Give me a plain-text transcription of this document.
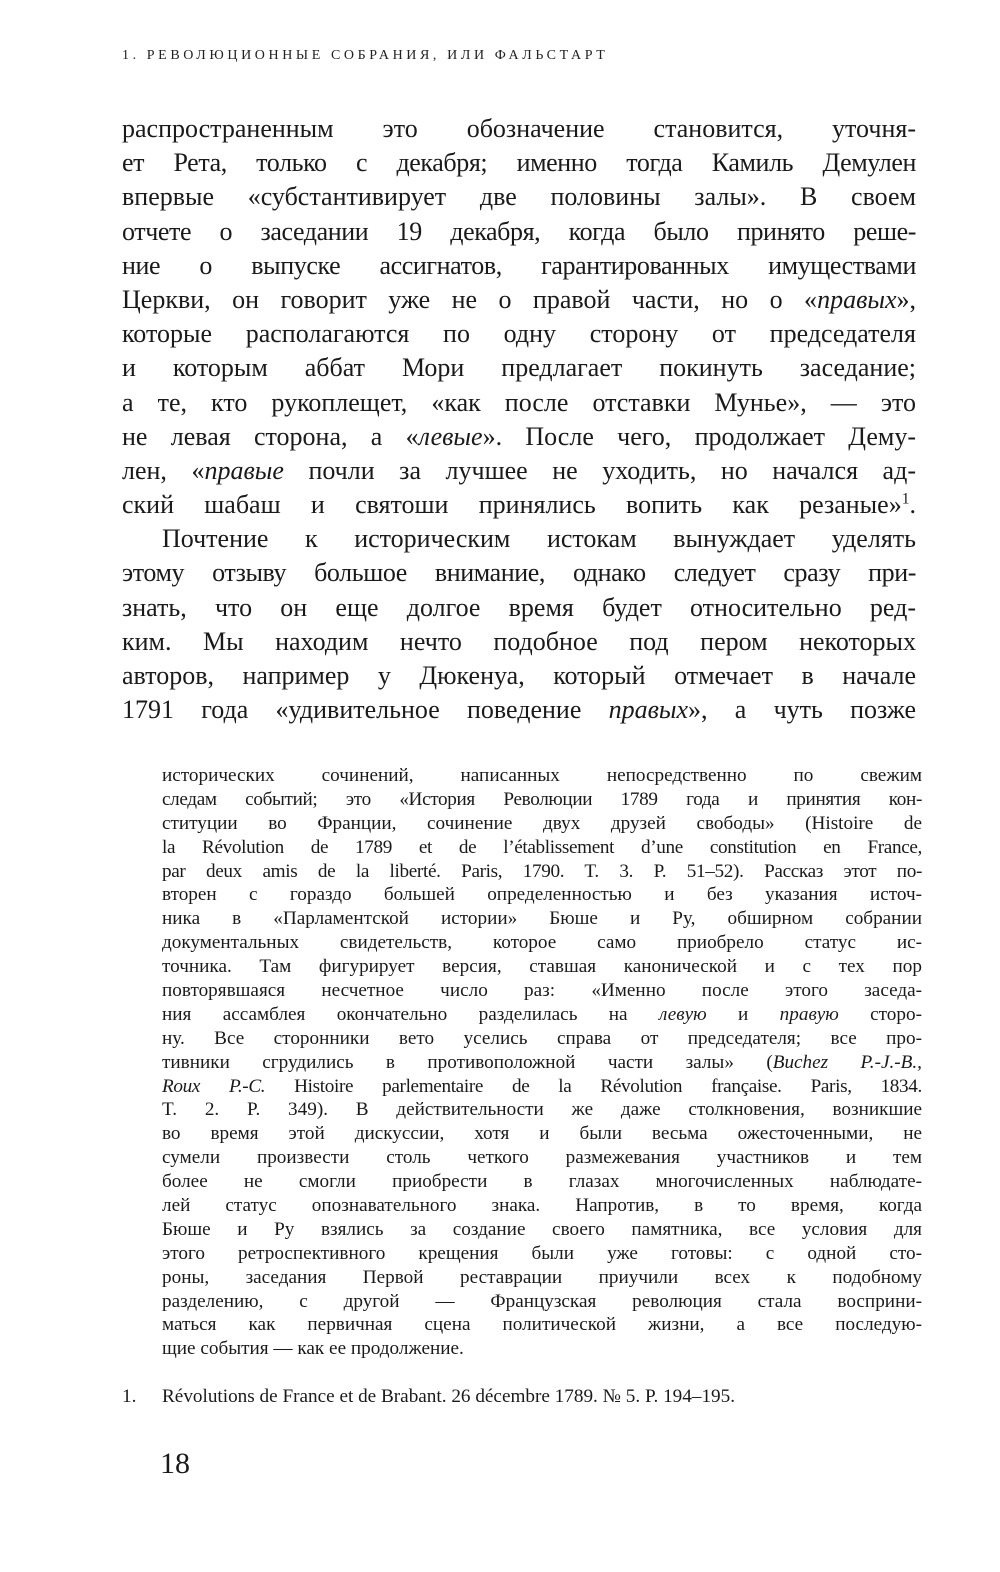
1. РЕВОЛЮЦИОННЫЕ СОБРАНИЯ, ИЛИ ФАЛЬСТАРТ
распространенным это обозначение становится, уточня-
ет Рета, только с декабря; именно тогда Камиль Демулен
впервые «субстантивирует две половины залы». В своем
отчете о заседании 19 декабря, когда было принято реше-
ние о выпуске ассигнатов, гарантированных имуществами
Церкви, он говорит уже не о правой части, но о «правых»,
которые располагаются по одну сторону от председателя
и которым аббат Мори предлагает покинуть заседание;
а те, кто рукоплещет, «как после отставки Мунье», — это
не левая сторона, а «левые». После чего, продолжает Дему-
лен, «правые почли за лучшее не уходить, но начался ад-
ский шабаш и святоши принялись вопить как резаные»$^1$.
Почтение к историческим истокам вынуждает уделять
этому отзыву большое внимание, однако следует сразу при-
знать, что он еще долгое время будет относительно ред-
ким. Мы находим нечто подобное под пером некоторых
авторов, например у Дюкенуа, который отмечает в начале
1791 года «удивительное поведение правых», а чуть позже
исторических сочинений, написанных непосредственно по свежим
следам событий; это «История Революции 1789 года и принятия кон-
ституции во Франции, сочинение двух друзей свободы» (Histoire de
la Révolution de 1789 et de l’établissement d’une constitution en France,
par deux amis de la liberté. Paris, 1790. T. 3. P. 51–52). Рассказ этот по-
вторен с гораздо большей определенностью и без указания источ-
ника в «Парламентской истории» Бюше и Ру, обширном собрании
документальных свидетельств, которое само приобрело статус ис-
точника. Там фигурирует версия, ставшая канонической и с тех пор
повторявшаяся несчетное число раз: «Именно после этого заседа-
ния ассамблея окончательно разделилась на левую и правую сторо-
ну. Все сторонники вето уселись справа от председателя; все про-
тивники сгрудились в противоположной части залы» (Buchez P.-J.-B.,
Roux P.-C. Histoire parlementaire de la Révolution française. Paris, 1834.
T. 2. P. 349). В действительности же даже столкновения, возникшие
во время этой дискуссии, хотя и были весьма ожесточенными, не
сумели произвести столь четкого размежевания участников и тем
более не смогли приобрести в глазах многочисленных наблюдате-
лей статус опознавательного знака. Напротив, в то время, когда
Бюше и Ру взялись за создание своего памятника, все условия для
этого ретроспективного крещения были уже готовы: с одной сто-
роны, заседания Первой реставрации приучили всех к подобному
разделению, с другой — Французская революция стала восприни-
маться как первичная сцена политической жизни, а все последую-
щие события — как ее продолжение.
1. Révolutions de France et de Brabant. 26 décembre 1789. № 5. P. 194–195.
18
